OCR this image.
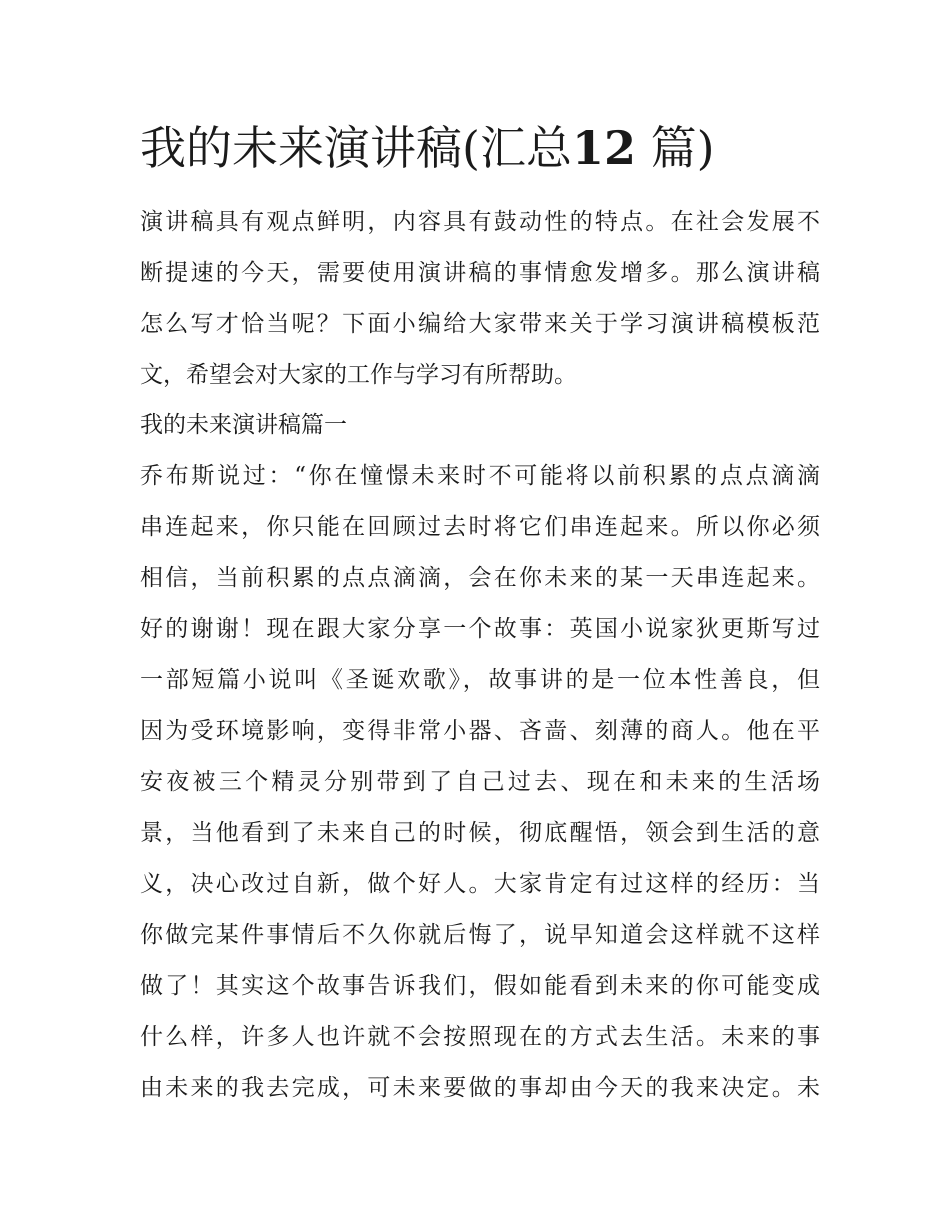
我的未来演讲稿(汇总12 篇)

演讲稿具有观点鲜明，内容具有鼓动性的特点。在社会发展不

断提速的今天，需要使用演讲稿的事情愈发增多。那么演讲稿

怎么写才恰当呢？下面小编给大家带来关于学习演讲稿模板范

文，希望会对大家的工作与学习有所帮助。

我的未来演讲稿篇一

乔布斯说过：“你在憧憬未来时不可能将以前积累的点点滴滴

串连起来，你只能在回顾过去时将它们串连起来。所以你必须

相信，当前积累的点点滴滴，会在你未来的某一天串连起来。

好的谢谢！现在跟大家分享一个故事：英国小说家狄更斯写过

一部短篇小说叫《圣诞欢歌》，故事讲的是一位本性善良，但

因为受环境影响，变得非常小器、吝啬、刻薄的商人。他在平

安夜被三个精灵分别带到了自己过去、现在和未来的生活场

景，当他看到了未来自己的时候，彻底醒悟，领会到生活的意

义，决心改过自新，做个好人。大家肯定有过这样的经历：当

你做完某件事情后不久你就后悔了，说早知道会这样就不这样

做了！其实这个故事告诉我们，假如能看到未来的你可能变成

什么样，许多人也许就不会按照现在的方式去生活。未来的事

由未来的我去完成，可未来要做的事却由今天的我来决定。未
